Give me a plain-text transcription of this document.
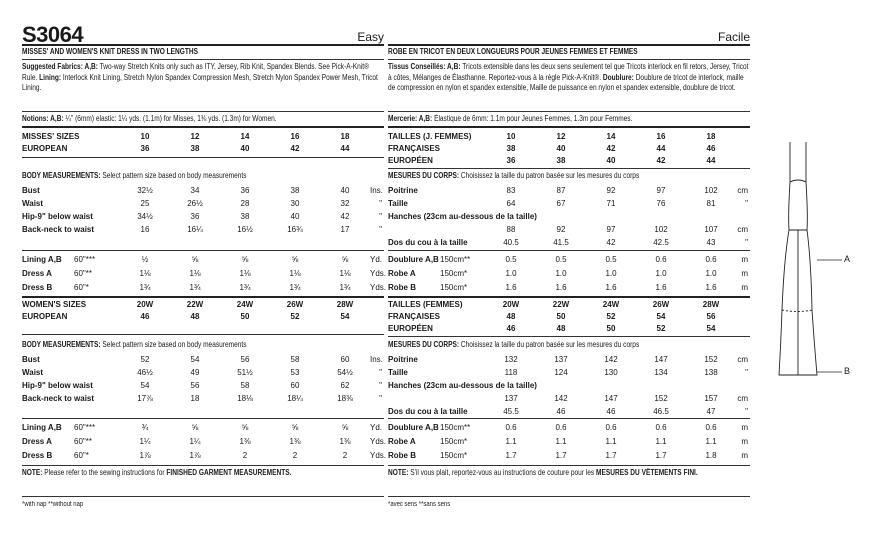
S3064	Easy
MISSES' AND WOMEN'S KNIT DRESS IN TWO LENGTHS
Suggested Fabrics: A,B: Two-way Stretch Knits only such as ITY, Jersey, Rib Knit, Spandex Blends. See Pick-A-Knit® Rule. Lining: Interlock Knit Lining, Stretch Nylon Spandex Compression Mesh, Stretch Nylon Spandex Power Mesh, Tricot Lining.
Notions: A,B: ¼" (6mm) elastic: 1¼ yds. (1.1m) for Misses, 1⅜ yds. (1.3m) for Women.
MISSES' SIZES	10	12	14	16	18	
EUROPEAN	36	38	40	42	44	
BODY MEASUREMENTS: Select pattern size based on body measurements
Bust	32½	34	36	38	40	Ins.
Waist	25	26½	28	30	32	"
Hip-9" below waist	34½	36	38	40	42	"
Back-neck to waist	16	16¼	16½	16¾	17	"
Lining A,B	60"***	½	⅝	⅝	⅝	⅝	Yd.
Dress A	60"**	1⅛	1⅛	1⅛	1⅛	1⅛	Yds.
Dress B	60"*	1¾	1¾	1¾	1¾	1¾	Yds.
WOMEN'S SIZES	20W	22W	24W	26W	28W	
EUROPEAN	46	48	50	52	54	
BODY MEASUREMENTS: Select pattern size based on body measurements
Bust	52	54	56	58	60	Ins.
Waist	46½	49	51½	53	54½	"
Hip-9" below waist	54	56	58	60	62	"
Back-neck to waist	17⅞	18	18⅛	18¼	18⅜	"
Lining A,B	60"***	¾	⅝	⅝	⅝	⅝	Yd.
Dress A	60"**	1¼	1¼	1⅜	1⅜	1⅜	Yds.
Dress B	60"*	1⅞	1⅞	2	2	2	Yds.
NOTE: Please refer to the sewing instructions for FINISHED GARMENT MEASUREMENTS.
*with nap **without nap
Facile
ROBE EN TRICOT EN DEUX LONGUEURS POUR JEUNES FEMMES ET FEMMES
Tissus Conseillés: A,B: Tricots extensible dans les deux sens seulement tel que Tricots interlock en fil retors, Jersey, Tricot à côtes, Mélanges de Élasthanne. Reportez-vous à la règle Pick-A-Knit®. Doublure: Doublure de tricot de interlock, maille de compression en nylon et spandex extensible, Maille de puissance en nylon et spandex extensible, doublure de tricot.
Mercerie: A,B: Élastique de 6mm: 1.1m pour Jeunes Femmes, 1.3m pour Femmes.
TAILLES (J. FEMMES)	10	12	14	16	18	
FRANÇAISES	38	40	42	44	46	
EUROPÉEN	36	38	40	42	44	
MESURES DU CORPS: Choisissez la taille du patron basée sur les mesures du corps
Poitrine	83	87	92	97	102	cm
Taille	64	67	71	76	81	"
Hanches (23cm au-dessous de la taille)						
	88	92	97	102	107	cm
Dos du cou à la taille	40.5	41.5	42	42.5	43	"
Doublure A,B	150cm**	0.5	0.5	0.5	0.6	0.6	m
Robe A	150cm*	1.0	1.0	1.0	1.0	1.0	m
Robe B	150cm*	1.6	1.6	1.6	1.6	1.6	m
TAILLES (FEMMES)	20W	22W	24W	26W	28W	
FRANÇAISES	48	50	52	54	56	
EUROPÉEN	46	48	50	52	54	
MESURES DU CORPS: Choisissez la taille du patron basée sur les mesures du corps
Poitrine	132	137	142	147	152	cm
Taille	118	124	130	134	138	"
Hanches (23cm au-dessous de la taille)						
	137	142	147	152	157	cm
Dos du cou à la taille	45.5	46	46	46.5	47	"
Doublure A,B	150cm**	0.6	0.6	0.6	0.6	0.6	m
Robe A	150cm*	1.1	1.1	1.1	1.1	1.1	m
Robe B	150cm*	1.7	1.7	1.7	1.7	1.8	m
NOTE: S'il vous plait, reportez-vous au instructions de couture pour les MESURES DU VÊTEMENTS FINI.
*avec sens **sans sens
A
B
